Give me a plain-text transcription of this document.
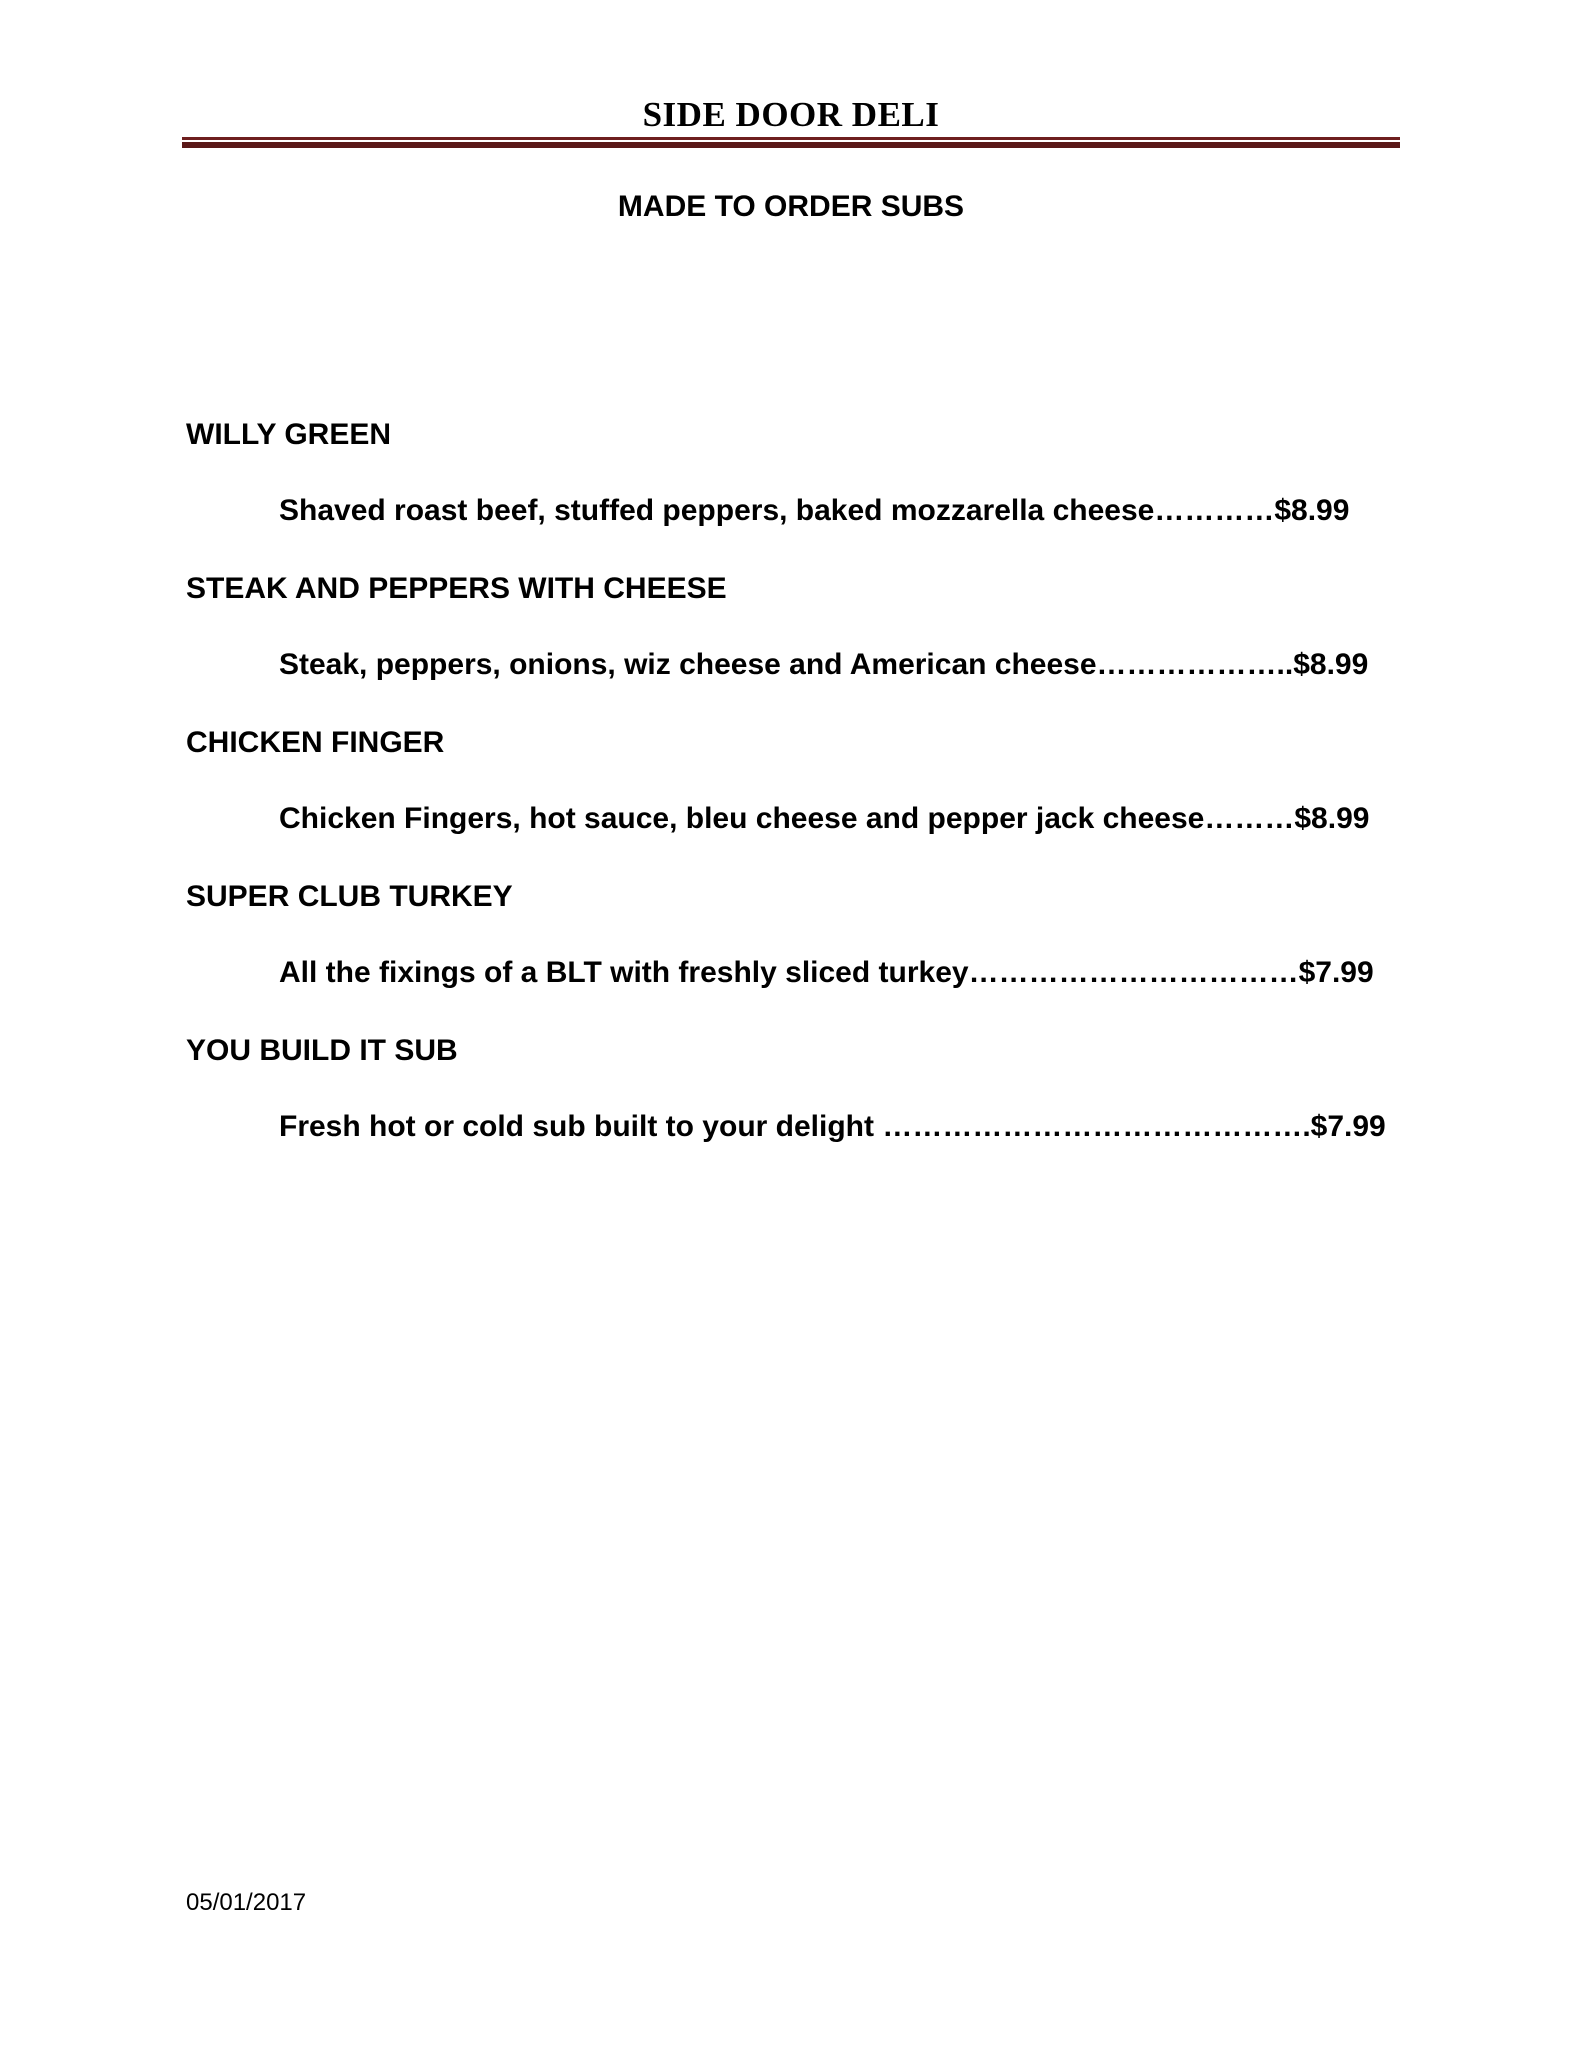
SIDE DOOR DELI
MADE TO ORDER SUBS
WILLY GREEN
Shaved roast beef, stuffed peppers, baked mozzarella cheese…………$8.99
STEAK AND PEPPERS WITH CHEESE
Steak, peppers, onions, wiz cheese and American cheese………………..$8.99
CHICKEN FINGER
Chicken Fingers, hot sauce, bleu cheese and pepper jack cheese………$8.99
SUPER CLUB TURKEY
All the fixings of a BLT with freshly sliced turkey……………………………$7.99
YOU BUILD IT SUB
Fresh hot or cold sub built to your delight …………………………………….$7.99
05/01/2017
